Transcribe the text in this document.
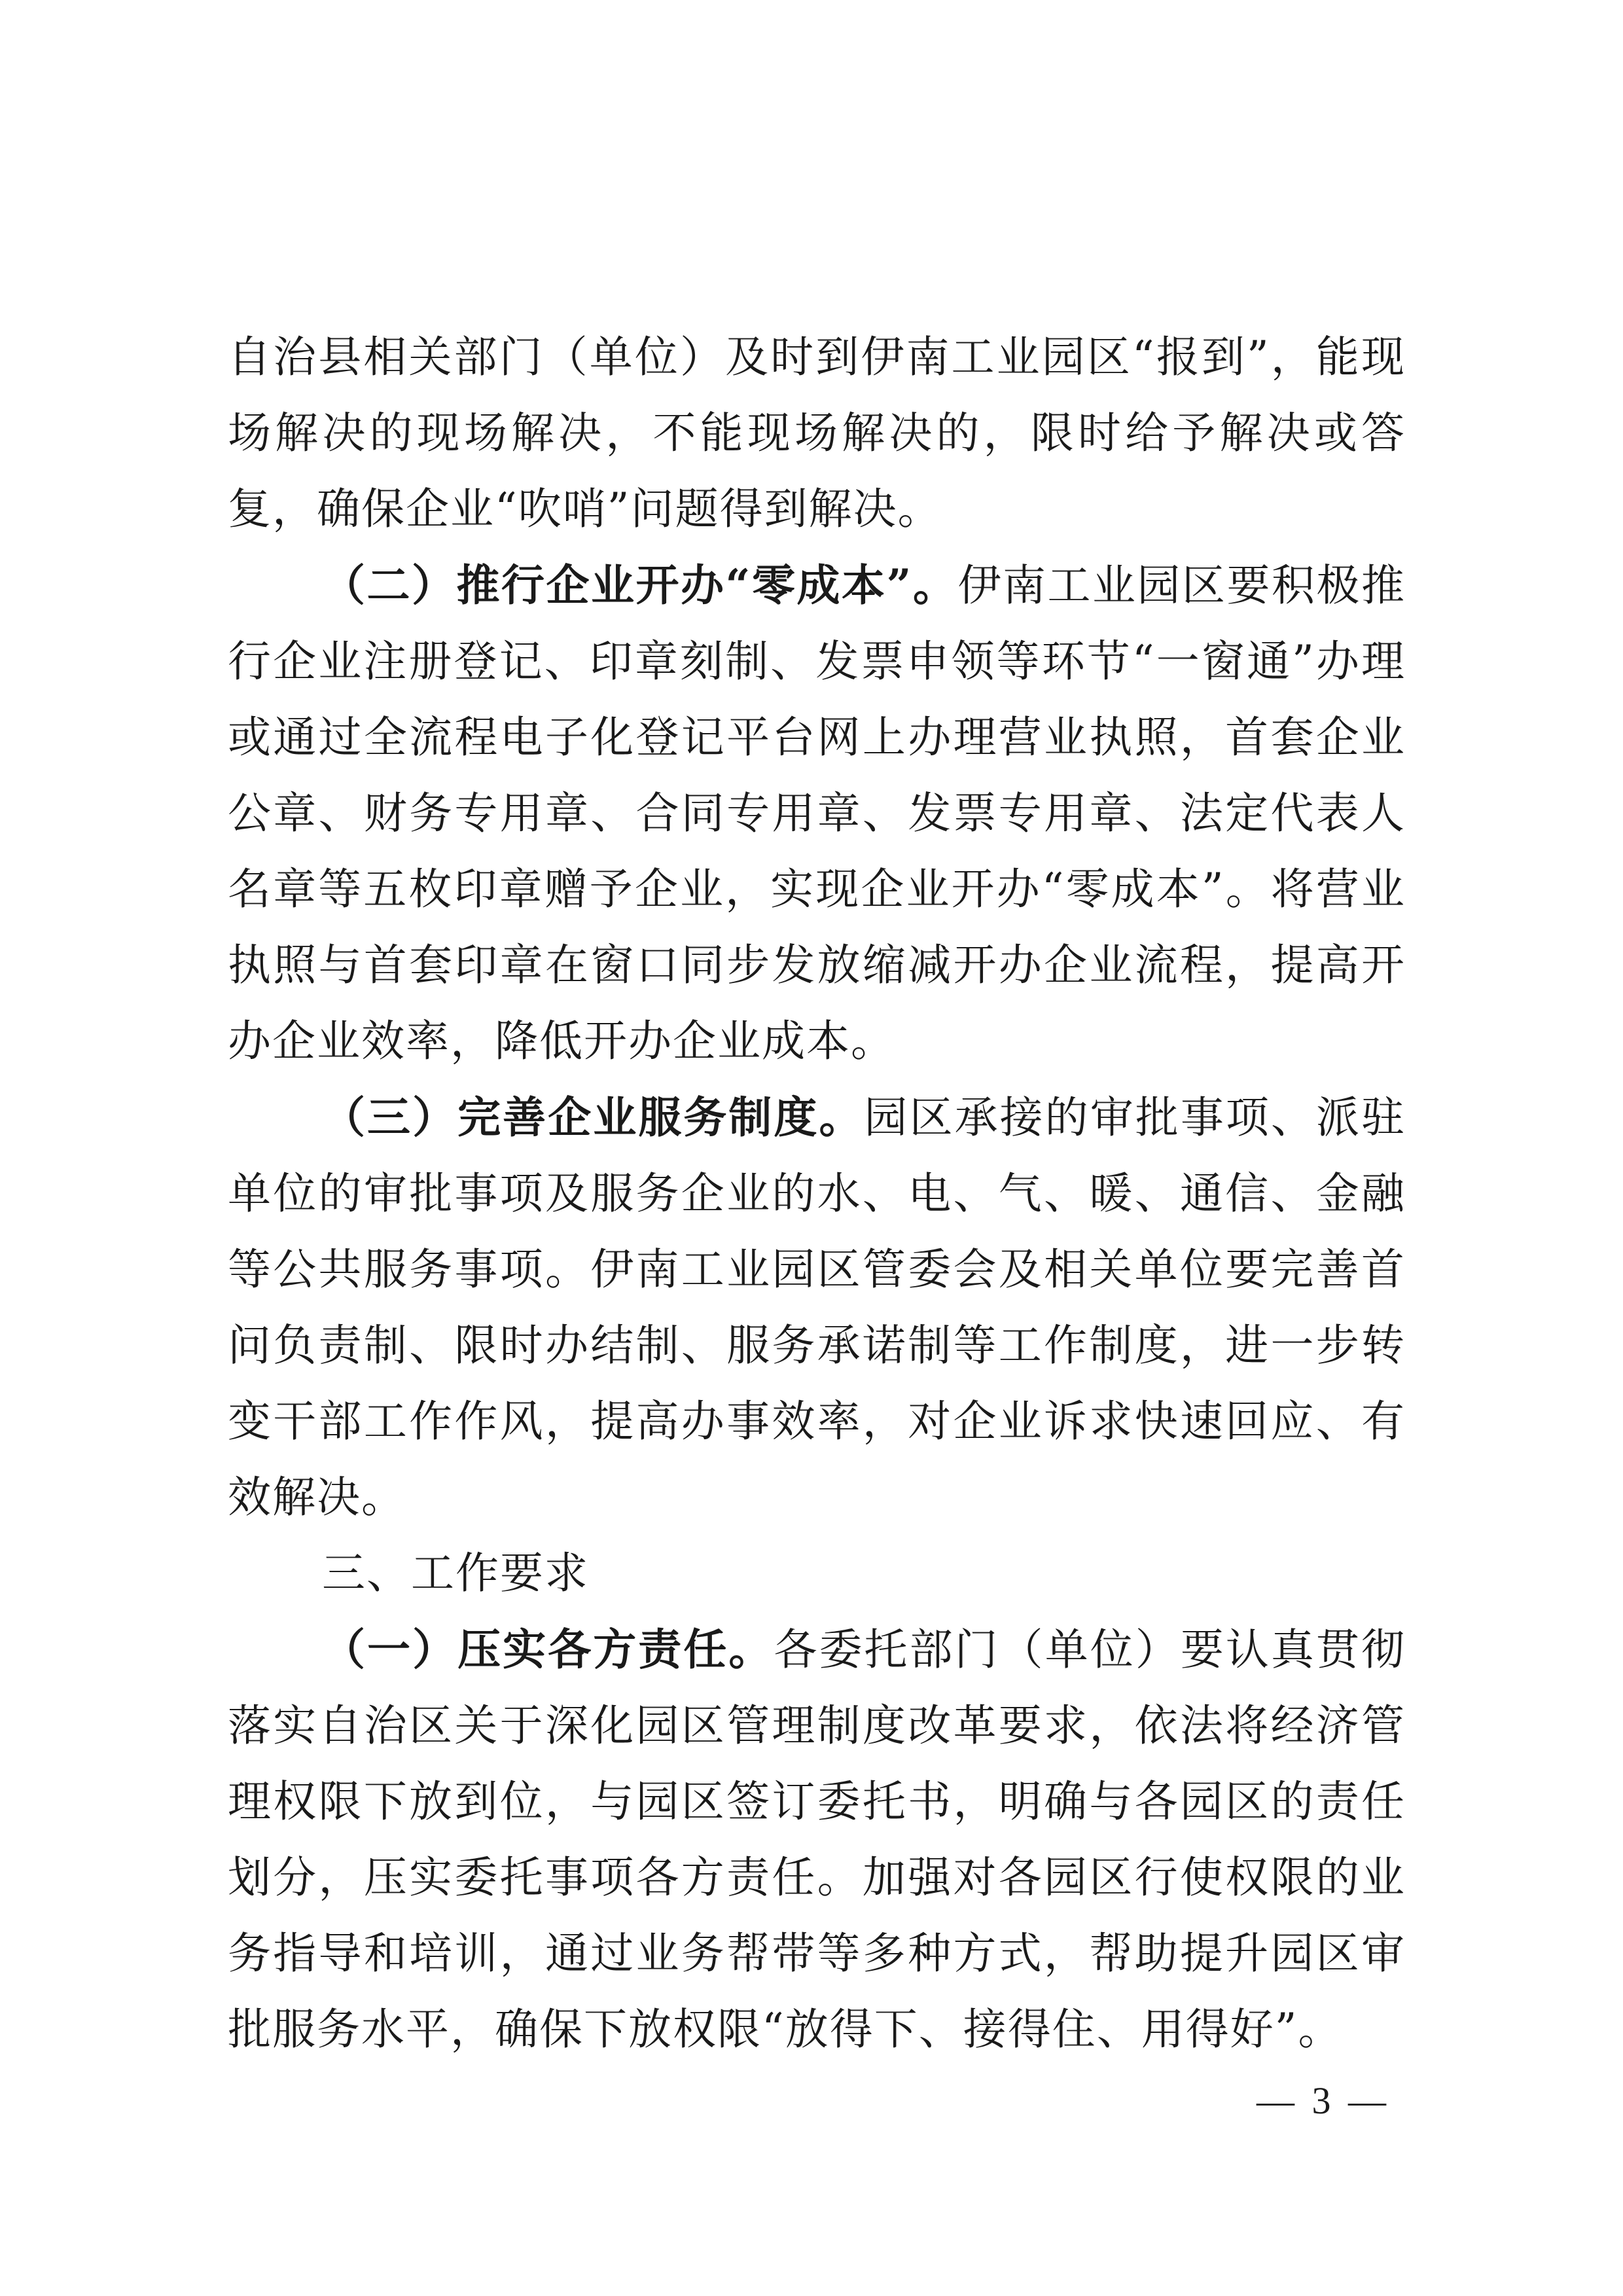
自治县相关部门（单位）及时到伊南工业园区“报到”，能现场解决的现场解决，不能现场解决的，限时给予解决或答复，确保企业“吹哨”问题得到解决。

（二）推行企业开办“零成本”。伊南工业园区要积极推行企业注册登记、印章刻制、发票申领等环节“一窗通”办理或通过全流程电子化登记平台网上办理营业执照，首套企业公章、财务专用章、合同专用章、发票专用章、法定代表人名章等五枚印章赠予企业，实现企业开办“零成本”。将营业执照与首套印章在窗口同步发放缩减开办企业流程，提高开办企业效率，降低开办企业成本。

（三）完善企业服务制度。园区承接的审批事项、派驻单位的审批事项及服务企业的水、电、气、暖、通信、金融等公共服务事项。伊南工业园区管委会及相关单位要完善首问负责制、限时办结制、服务承诺制等工作制度，进一步转变干部工作作风，提高办事效率，对企业诉求快速回应、有效解决。

三、工作要求

（一）压实各方责任。各委托部门（单位）要认真贯彻落实自治区关于深化园区管理制度改革要求，依法将经济管理权限下放到位，与园区签订委托书，明确与各园区的责任划分，压实委托事项各方责任。加强对各园区行使权限的业务指导和培训，通过业务帮带等多种方式，帮助提升园区审批服务水平，确保下放权限“放得下、接得住、用得好”。

— 3 —
